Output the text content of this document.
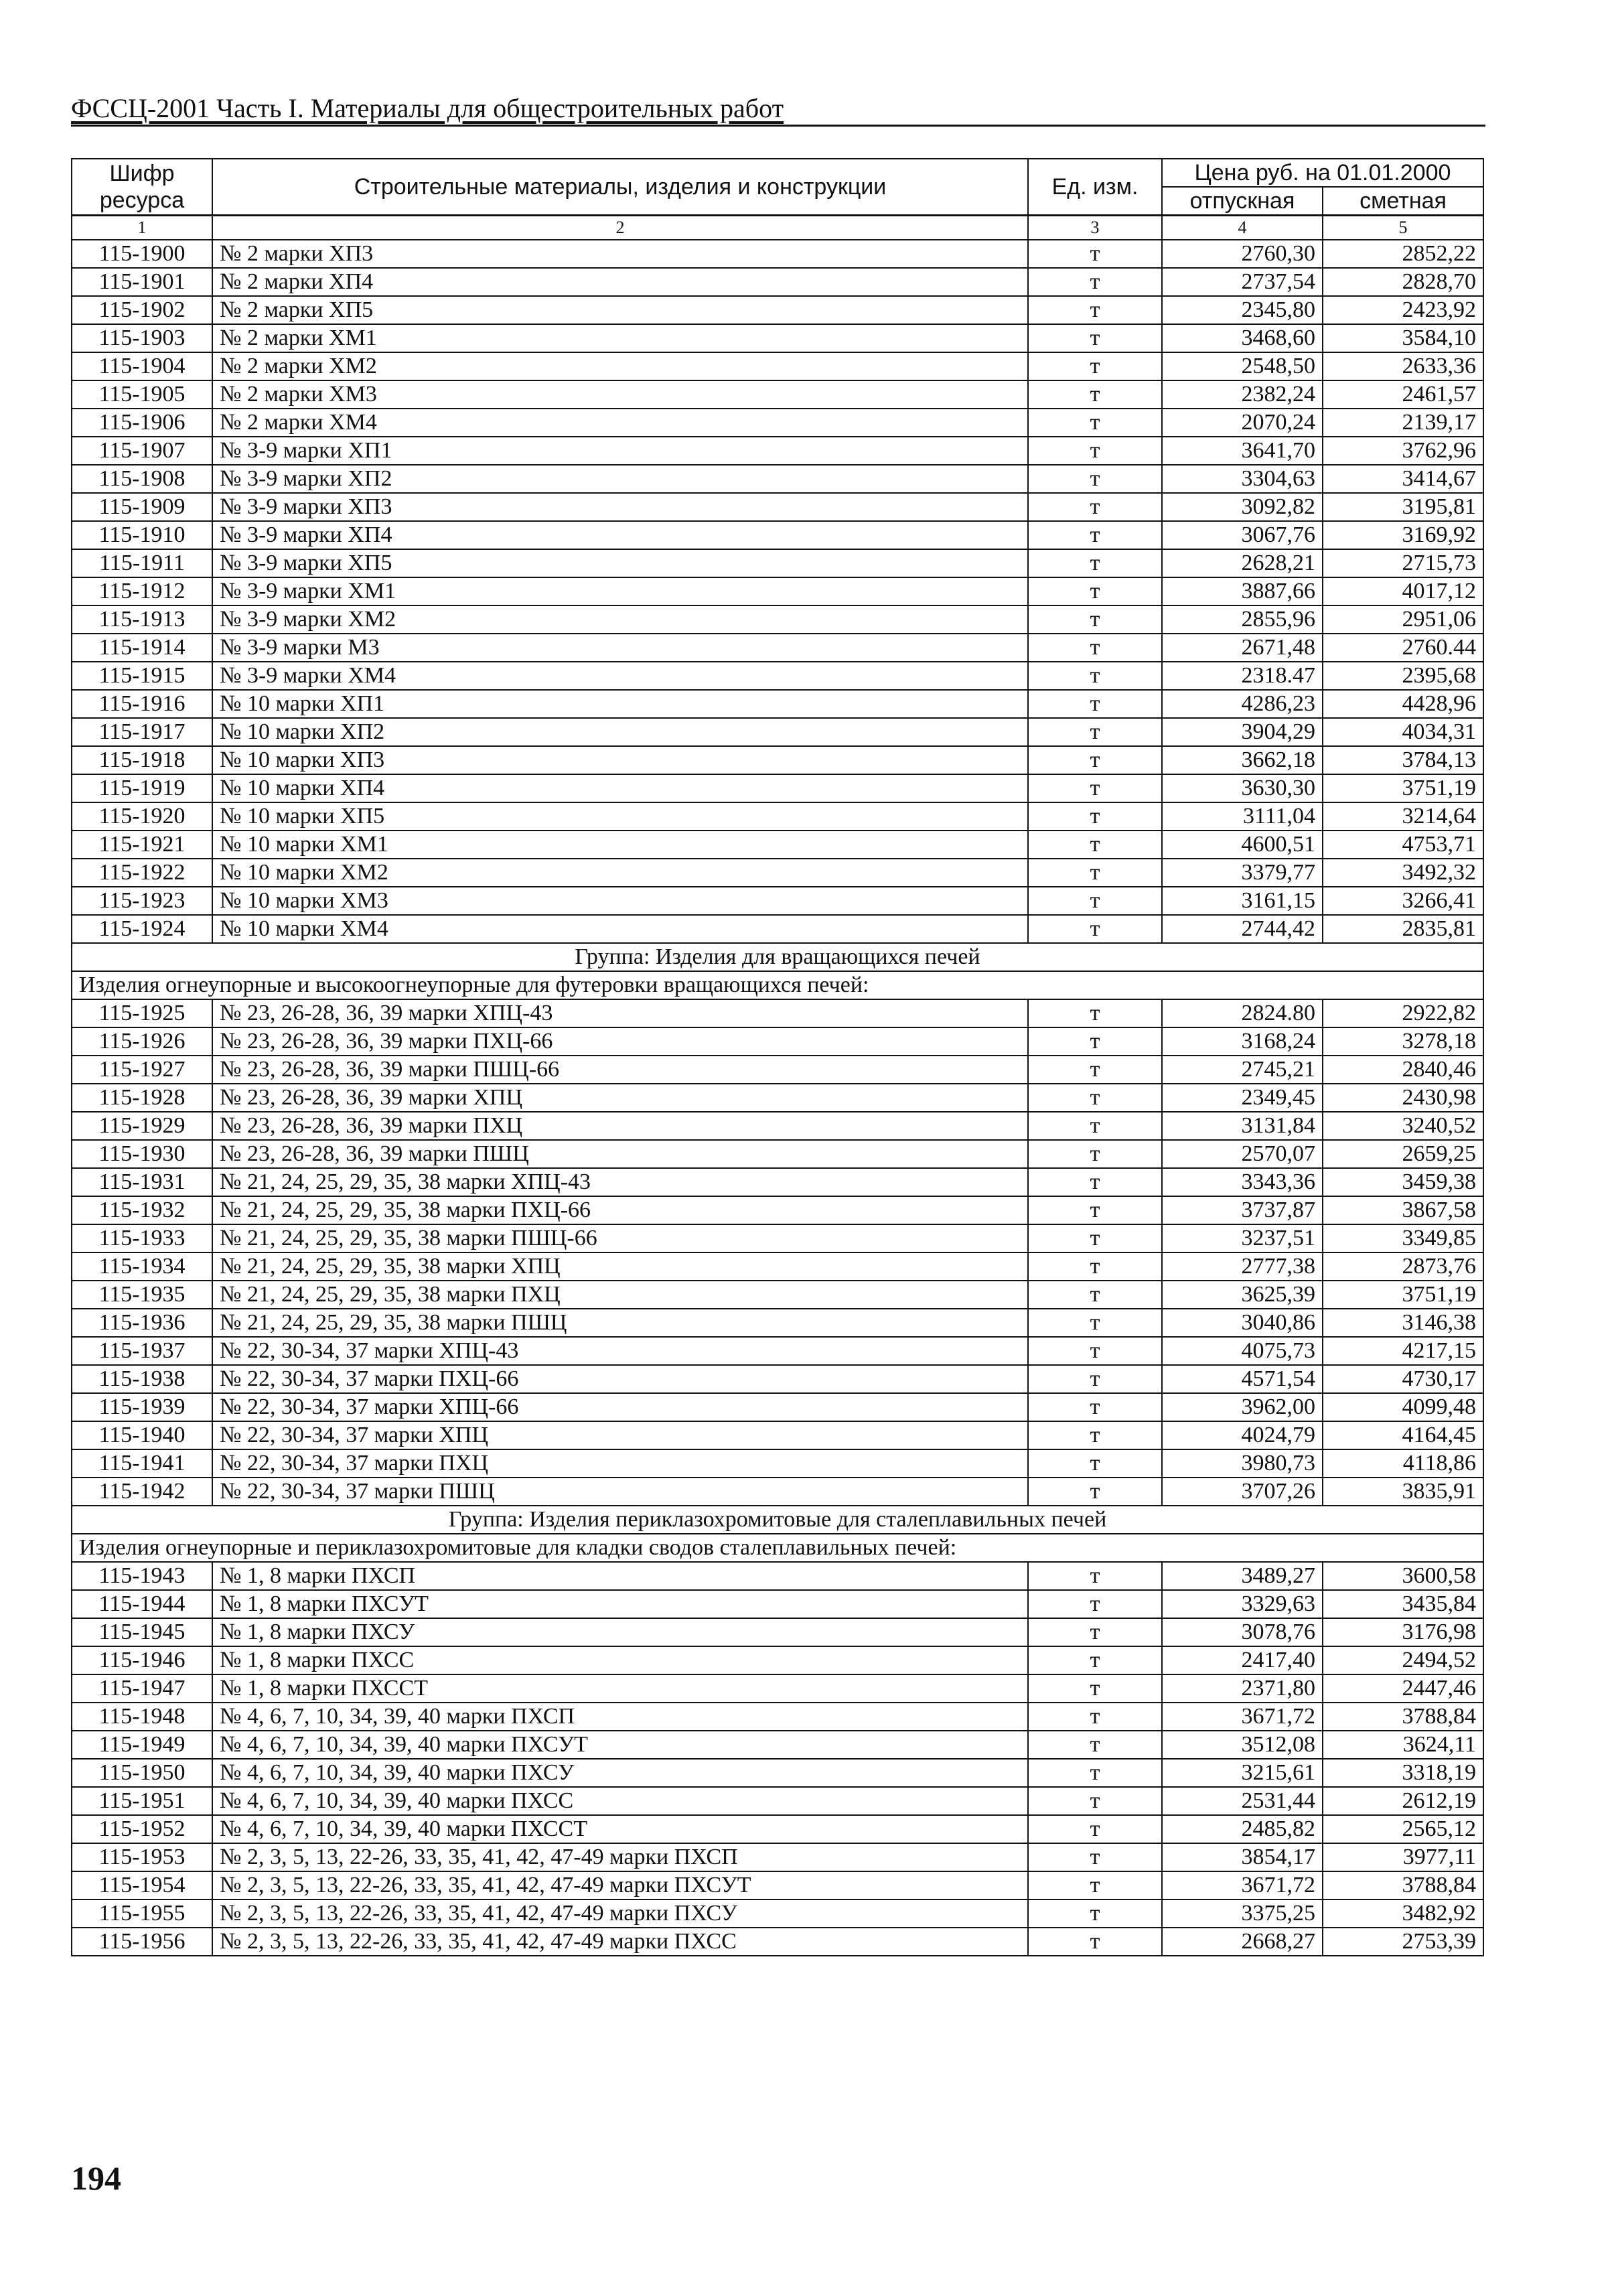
ФССЦ-2001 Часть I. Материалы для общестроительных работ
Шифр ресурса	Строительные материалы, изделия и конструкции	Ед. изм.	Цена руб. на 01.01.2000	
			отпускная	сметная
1	2	3	4	5
115-1900	№ 2 марки ХП3	т	2760,30	2852,22
115-1901	№ 2 марки ХП4	т	2737,54	2828,70
115-1902	№ 2 марки ХП5	т	2345,80	2423,92
115-1903	№ 2 марки ХМ1	т	3468,60	3584,10
115-1904	№ 2 марки ХМ2	т	2548,50	2633,36
115-1905	№ 2 марки ХМ3	т	2382,24	2461,57
115-1906	№ 2 марки ХМ4	т	2070,24	2139,17
115-1907	№ 3-9 марки ХП1	т	3641,70	3762,96
115-1908	№ 3-9 марки ХП2	т	3304,63	3414,67
115-1909	№ 3-9 марки ХП3	т	3092,82	3195,81
115-1910	№ 3-9 марки ХП4	т	3067,76	3169,92
115-1911	№ 3-9 марки ХП5	т	2628,21	2715,73
115-1912	№ 3-9 марки ХМ1	т	3887,66	4017,12
115-1913	№ 3-9 марки ХМ2	т	2855,96	2951,06
115-1914	№ 3-9 марки М3	т	2671,48	2760.44
115-1915	№ 3-9 марки ХМ4	т	2318.47	2395,68
115-1916	№ 10 марки ХП1	т	4286,23	4428,96
115-1917	№ 10 марки ХП2	т	3904,29	4034,31
115-1918	№ 10 марки ХП3	т	3662,18	3784,13
115-1919	№ 10 марки ХП4	т	3630,30	3751,19
115-1920	№ 10 марки ХП5	т	3111,04	3214,64
115-1921	№ 10 марки ХМ1	т	4600,51	4753,71
115-1922	№ 10 марки ХМ2	т	3379,77	3492,32
115-1923	№ 10 марки ХМ3	т	3161,15	3266,41
115-1924	№ 10 марки ХМ4	т	2744,42	2835,81
Группа: Изделия для вращающихся печей				
Изделия огнеупорные и высокоогнеупорные для футеровки вращающихся печей:				
115-1925	№ 23, 26-28, 36, 39 марки ХПЦ-43	т	2824.80	2922,82
115-1926	№ 23, 26-28, 36, 39 марки ПХЦ-66	т	3168,24	3278,18
115-1927	№ 23, 26-28, 36, 39 марки ПШЦ-66	т	2745,21	2840,46
115-1928	№ 23, 26-28, 36, 39 марки ХПЦ	т	2349,45	2430,98
115-1929	№ 23, 26-28, 36, 39 марки ПХЦ	т	3131,84	3240,52
115-1930	№ 23, 26-28, 36, 39 марки ПШЦ	т	2570,07	2659,25
115-1931	№ 21, 24, 25, 29, 35, 38 марки ХПЦ-43	т	3343,36	3459,38
115-1932	№ 21, 24, 25, 29, 35, 38 марки ПХЦ-66	т	3737,87	3867,58
115-1933	№ 21, 24, 25, 29, 35, 38 марки ПШЦ-66	т	3237,51	3349,85
115-1934	№ 21, 24, 25, 29, 35, 38 марки ХПЦ	т	2777,38	2873,76
115-1935	№ 21, 24, 25, 29, 35, 38 марки ПХЦ	т	3625,39	3751,19
115-1936	№ 21, 24, 25, 29, 35, 38 марки ПШЦ	т	3040,86	3146,38
115-1937	№ 22, 30-34, 37 марки ХПЦ-43	т	4075,73	4217,15
115-1938	№ 22, 30-34, 37 марки ПХЦ-66	т	4571,54	4730,17
115-1939	№ 22, 30-34, 37 марки ХПЦ-66	т	3962,00	4099,48
115-1940	№ 22, 30-34, 37 марки ХПЦ	т	4024,79	4164,45
115-1941	№ 22, 30-34, 37 марки ПХЦ	т	3980,73	4118,86
115-1942	№ 22, 30-34, 37 марки ПШЦ	т	3707,26	3835,91
Группа: Изделия периклазохромитовые для сталеплавильных печей				
Изделия огнеупорные и периклазохромитовые для кладки сводов сталеплавильных печей:				
115-1943	№ 1, 8 марки ПХСП	т	3489,27	3600,58
115-1944	№ 1, 8 марки ПХСУТ	т	3329,63	3435,84
115-1945	№ 1, 8 марки ПХСУ	т	3078,76	3176,98
115-1946	№ 1, 8 марки ПХСС	т	2417,40	2494,52
115-1947	№ 1, 8 марки ПХССТ	т	2371,80	2447,46
115-1948	№ 4, 6, 7, 10, 34, 39, 40 марки ПХСП	т	3671,72	3788,84
115-1949	№ 4, 6, 7, 10, 34, 39, 40 марки ПХСУТ	т	3512,08	3624,11
115-1950	№ 4, 6, 7, 10, 34, 39, 40 марки ПХСУ	т	3215,61	3318,19
115-1951	№ 4, 6, 7, 10, 34, 39, 40 марки ПХСС	т	2531,44	2612,19
115-1952	№ 4, 6, 7, 10, 34, 39, 40 марки ПХССТ	т	2485,82	2565,12
115-1953	№ 2, 3, 5, 13, 22-26, 33, 35, 41, 42, 47-49 марки ПХСП	т	3854,17	3977,11
115-1954	№ 2, 3, 5, 13, 22-26, 33, 35, 41, 42, 47-49 марки ПХСУТ	т	3671,72	3788,84
115-1955	№ 2, 3, 5, 13, 22-26, 33, 35, 41, 42, 47-49 марки ПХСУ	т	3375,25	3482,92
115-1956	№ 2, 3, 5, 13, 22-26, 33, 35, 41, 42, 47-49 марки ПХСС	т	2668,27	2753,39
194
